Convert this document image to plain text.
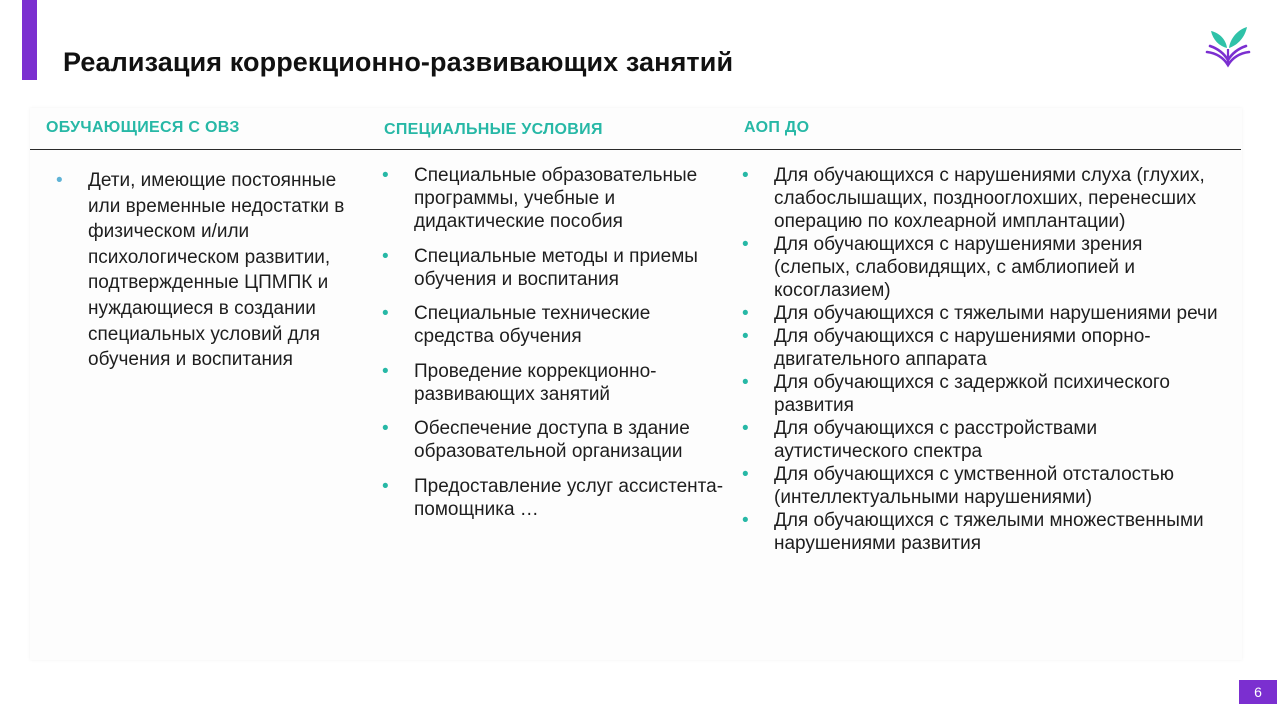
Реализация коррекционно-развивающих занятий
ОБУЧАЮЩИЕСЯ С ОВЗ	СПЕЦИАЛЬНЫЕ УСЛОВИЯ	АОП ДО
• Дети, имеющие постоянные или временные недостатки в физическом и/или психологическом развитии, подтвержденные ЦПМПК и нуждающиеся в создании специальных условий для обучения и воспитания
• Специальные образовательные программы, учебные и дидактические пособия
• Специальные методы и приемы обучения и воспитания
• Специальные технические средства обучения
• Проведение коррекционно-развивающих занятий
• Обеспечение доступа в здание образовательной организации
• Предоставление услуг ассистента-помощника …
• Для обучающихся с нарушениями слуха (глухих, слабослышащих, позднооглохших, перенесших операцию по кохлеарной имплантации)
• Для обучающихся с нарушениями зрения (слепых, слабовидящих, с амблиопией и косоглазием)
• Для обучающихся с тяжелыми нарушениями речи
• Для обучающихся с нарушениями опорно-двигательного аппарата
• Для обучающихся с задержкой психического развития
• Для обучающихся с расстройствами аутистического спектра
• Для обучающихся с умственной отсталостью (интеллектуальными нарушениями)
• Для обучающихся с тяжелыми множественными нарушениями развития
6
